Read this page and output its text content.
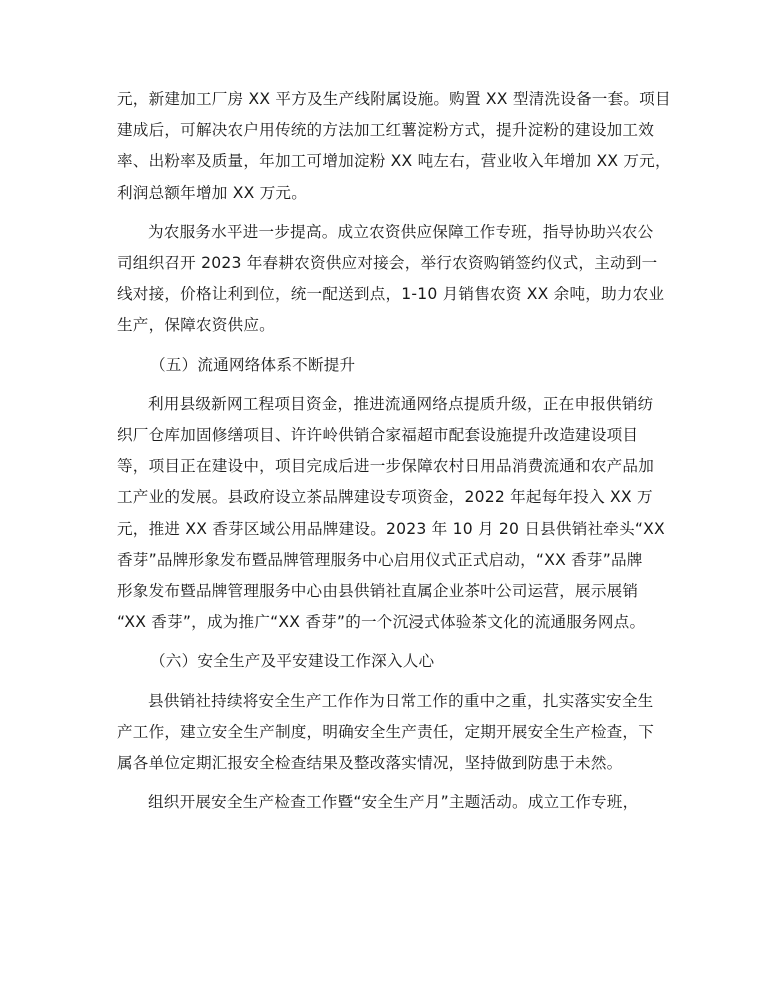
元，新建加工厂房 XX 平方及生产线附属设施。购置 XX 型清洗设备一套。项目
建成后，可解决农户用传统的方法加工红薯淀粉方式，提升淀粉的建设加工效
率、出粉率及质量，年加工可增加淀粉 XX 吨左右，营业收入年增加 XX 万元，
利润总额年增加 XX 万元。

为农服务水平进一步提高。成立农资供应保障工作专班，指导协助兴农公
司组织召开 2023 年春耕农资供应对接会，举行农资购销签约仪式，主动到一
线对接，价格让利到位，统一配送到点，1-10 月销售农资 XX 余吨，助力农业
生产，保障农资供应。

（五）流通网络体系不断提升

利用县级新网工程项目资金，推进流通网络点提质升级，正在申报供销纺
织厂仓库加固修缮项目、许许岭供销合家福超市配套设施提升改造建设项目
等，项目正在建设中，项目完成后进一步保障农村日用品消费流通和农产品加
工产业的发展。县政府设立茶品牌建设专项资金，2022 年起每年投入 XX 万
元，推进 XX 香芽区域公用品牌建设。2023 年 10 月 20 日县供销社牵头“XX
香芽”品牌形象发布暨品牌管理服务中心启用仪式正式启动，“XX 香芽”品牌
形象发布暨品牌管理服务中心由县供销社直属企业茶叶公司运营，展示展销
“XX 香芽”，成为推广“XX 香芽”的一个沉浸式体验茶文化的流通服务网点。

（六）安全生产及平安建设工作深入人心

县供销社持续将安全生产工作作为日常工作的重中之重，扎实落实安全生
产工作，建立安全生产制度，明确安全生产责任，定期开展安全生产检查，下
属各单位定期汇报安全检查结果及整改落实情况，坚持做到防患于未然。

组织开展安全生产检查工作暨“安全生产月”主题活动。成立工作专班，
